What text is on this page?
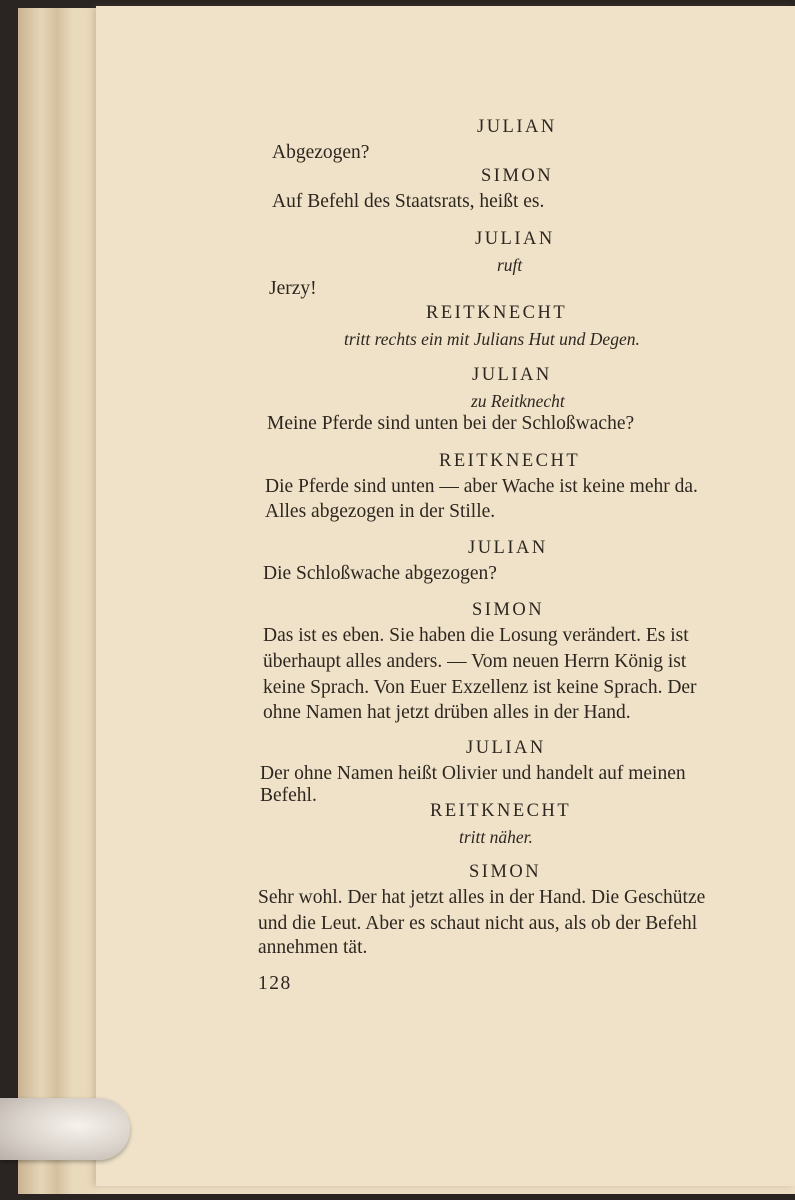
JULIAN
Abgezogen?
SIMON
Auf Befehl des Staatsrats, heißt es.
JULIAN
ruft
Jerzy!
REITKNECHT
tritt rechts ein mit Julians Hut und Degen.
JULIAN
zu Reitknecht
Meine Pferde sind unten bei der Schloßwache?
REITKNECHT
Die Pferde sind unten — aber Wache ist keine mehr da.
Alles abgezogen in der Stille.
JULIAN
Die Schloßwache abgezogen?
SIMON
Das ist es eben. Sie haben die Losung verändert. Es ist
überhaupt alles anders. — Vom neuen Herrn König ist
keine Sprach. Von Euer Exzellenz ist keine Sprach. Der
ohne Namen hat jetzt drüben alles in der Hand.
JULIAN
Der ohne Namen heißt Olivier und handelt auf meinen
Befehl.
REITKNECHT
tritt näher.
SIMON
Sehr wohl. Der hat jetzt alles in der Hand. Die Geschütze
und die Leut. Aber es schaut nicht aus, als ob der Befehl
annehmen tät.
128
